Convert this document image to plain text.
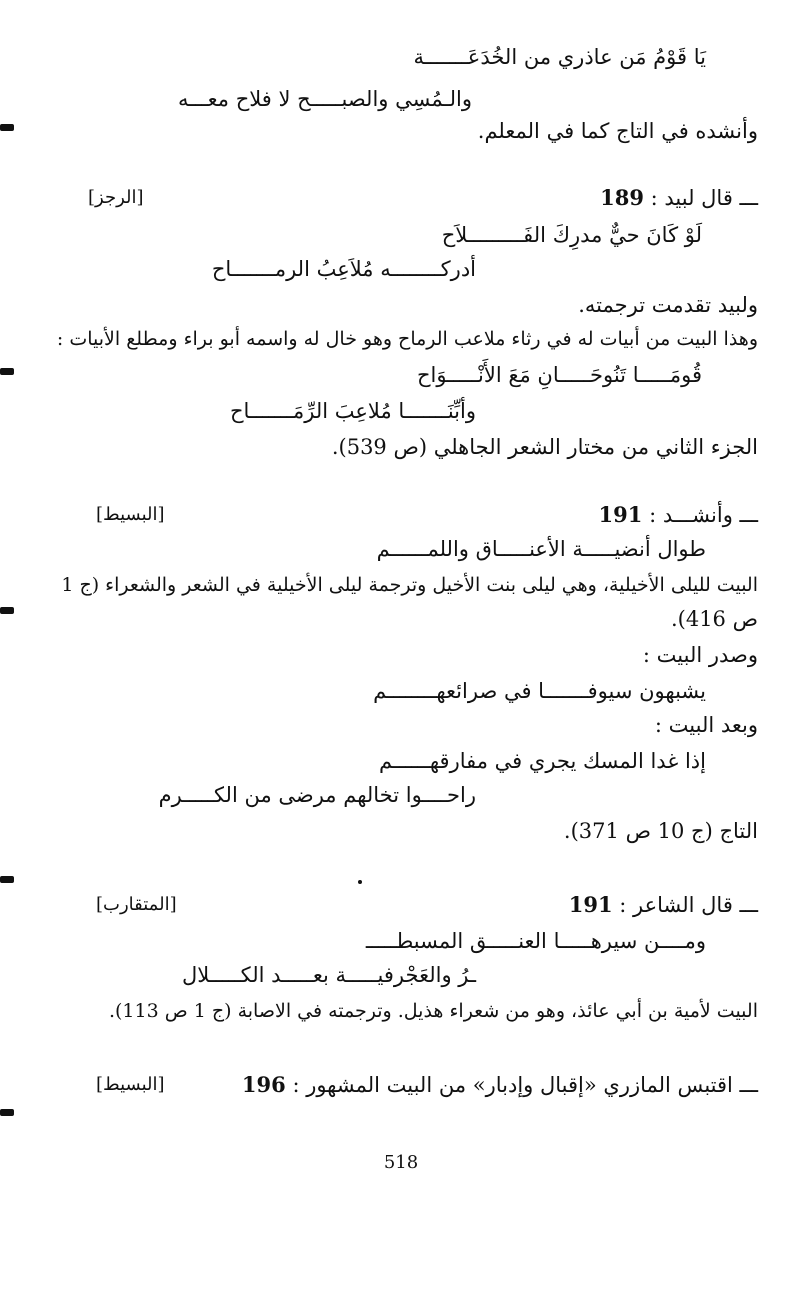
يَا قَوْمُ مَن عاذري من الخُدَعَـــــــة
والـمُسِي والصبـــــح لا فلاح معـــه
وأنشده في التاج كما في المعلم.
ـــ قال لبيد : 189
[الرجز]
لَوْ كَانَ حيٌّ مدرِكَ الفَـــــــــلاَح
أدركــــــــه مُلاَعِبُ الرمـــــــاح
ولبيد تقدمت ترجمته.
وهذا البيت من أبيات له في رثاء ملاعب الرماح وهو خال له واسمه أبو براء ومطلع الأبيات :
قُومَـــــا تَنُوحَـــــانِ مَعَ الأَنْـــــوَاح
وأبِّنَـــــــا مُلاعِبَ الرِّمَـــــــاح
الجزء الثاني من مختار الشعر الجاهلي (ص 539).
ـــ وأنشـــد : 191
[البسيط]
طوال أنضيـــــة الأعنـــــاق واللمــــــم
البيت لليلى الأخيلية، وهي ليلى بنت الأخيل وترجمة ليلى الأخيلية في الشعر والشعراء (ج 1
ص 416).
وصدر البيت :
يشبهون سيوفـــــــا في صرائعهــــــــم
وبعد البيت :
إذا غدا المسك يجري في مفارقهــــــم
راحــــوا تخالهم مرضى من الكـــــرم
التاج (ج 10 ص 371).
ـــ قال الشاعر : 191
[المتقارب]
ومــــن سيرهـــــا العنـــــق المسبطـــــ
ـرُ والعَجْرفيـــــة بعـــــد الكـــــلال
البيت لأمية بن أبي عائذ، وهو من شعراء هذيل. وترجمته في الاصابة (ج 1 ص 113).
ـــ اقتبس المازري «إقبال وإدبار» من البيت المشهور : 196
[البسيط]
518
